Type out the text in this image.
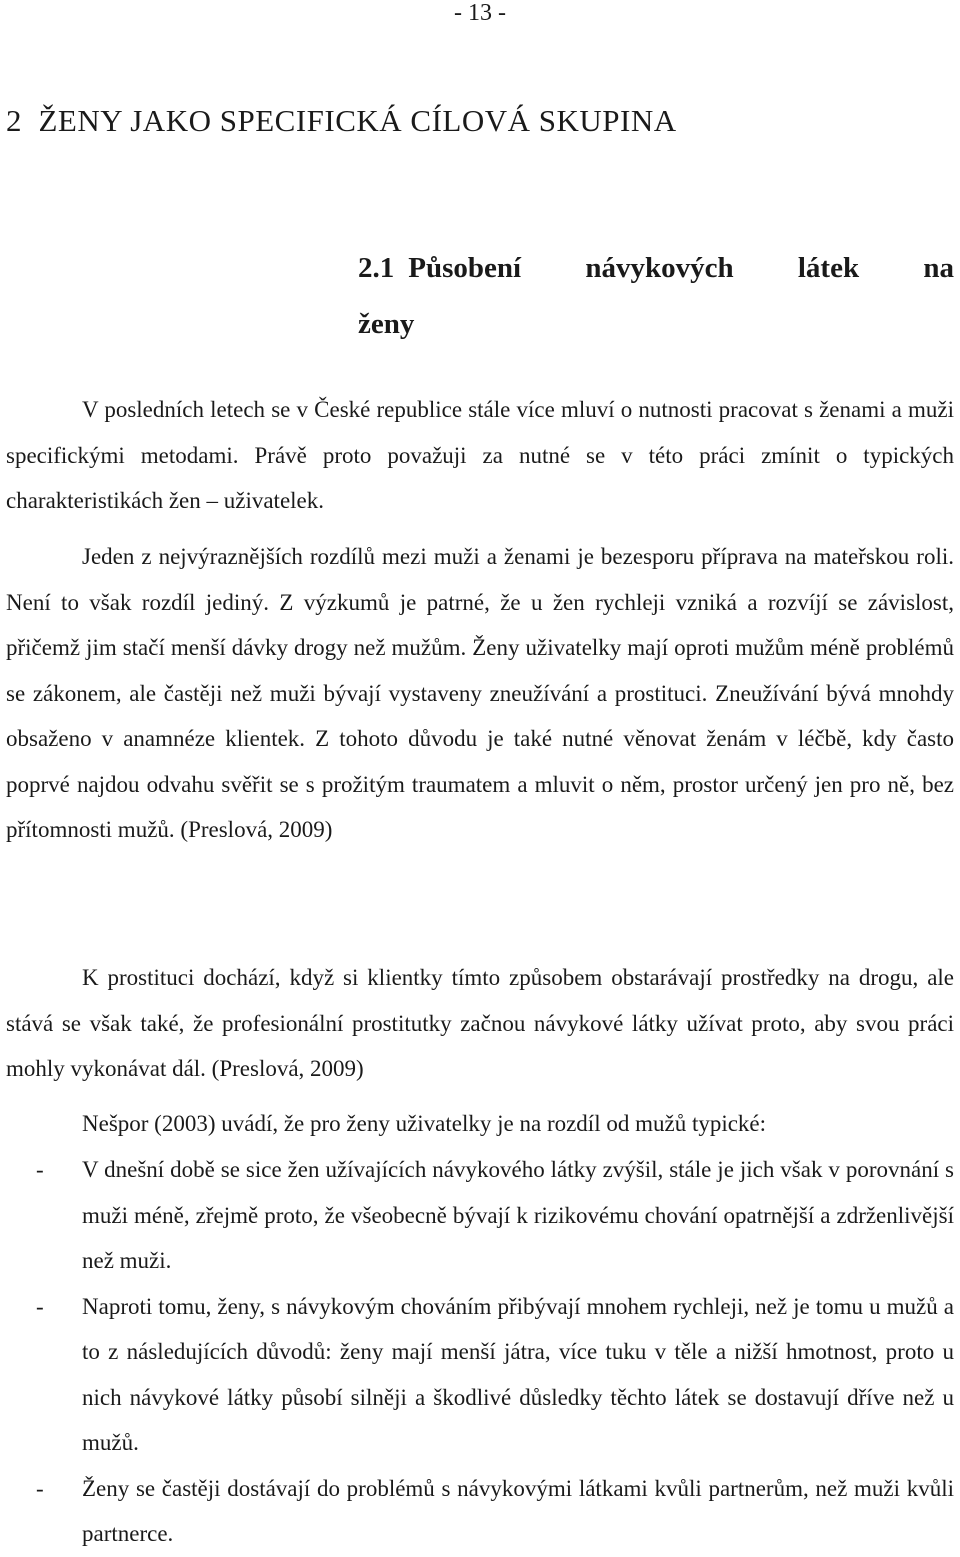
- 13 -
2 ŽENY JAKO SPECIFICKÁ CÍLOVÁ SKUPINA
2.1 Působení návykových látek na ženy

V posledních letech se v České republice stále více mluví o nutnosti pracovat s ženami a muži specifickými metodami. Právě proto považuji za nutné se v této práci zmínit o typických charakteristikách žen – uživatelek.

Jeden z nejvýraznějších rozdílů mezi muži a ženami je bezesporu příprava na mateřskou roli. Není to však rozdíl jediný. Z výzkumů je patrné, že u žen rychleji vzniká a rozvíjí se závislost, přičemž jim stačí menší dávky drogy než mužům. Ženy uživatelky mají oproti mužům méně problémů se zákonem, ale častěji než muži bývají vystaveny zneužívání a prostituci. Zneužívání bývá mnohdy obsaženo v anamnéze klientek. Z tohoto důvodu je také nutné věnovat ženám v léčbě, kdy často poprvé najdou odvahu svěřit se s prožitým traumatem a mluvit o něm, prostor určený jen pro ně, bez přítomnosti mužů. (Preslová, 2009)

K prostituci dochází, když si klientky tímto způsobem obstarávají prostředky na drogu, ale stává se však také, že profesionální prostitutky začnou návykové látky užívat proto, aby svou práci mohly vykonávat dál. (Preslová, 2009)

Nešpor (2003) uvádí, že pro ženy uživatelky je na rozdíl od mužů typické:

- V dnešní době se sice žen užívajících návykového látky zvýšil, stále je jich však v porovnání s muži méně, zřejmě proto, že všeobecně bývají k rizikovému chování opatrnější a zdrženlivější než muži.
- Naproti tomu, ženy, s návykovým chováním přibývají mnohem rychleji, než je tomu u mužů a to z následujících důvodů: ženy mají menší játra, více tuku v těle a nižší hmotnost, proto u nich návykové látky působí silněji a škodlivé důsledky těchto látek se dostavují dříve než u mužů.
- Ženy se častěji dostávají do problémů s návykovými látkami kvůli partnerům, než muži kvůli partnerce.
